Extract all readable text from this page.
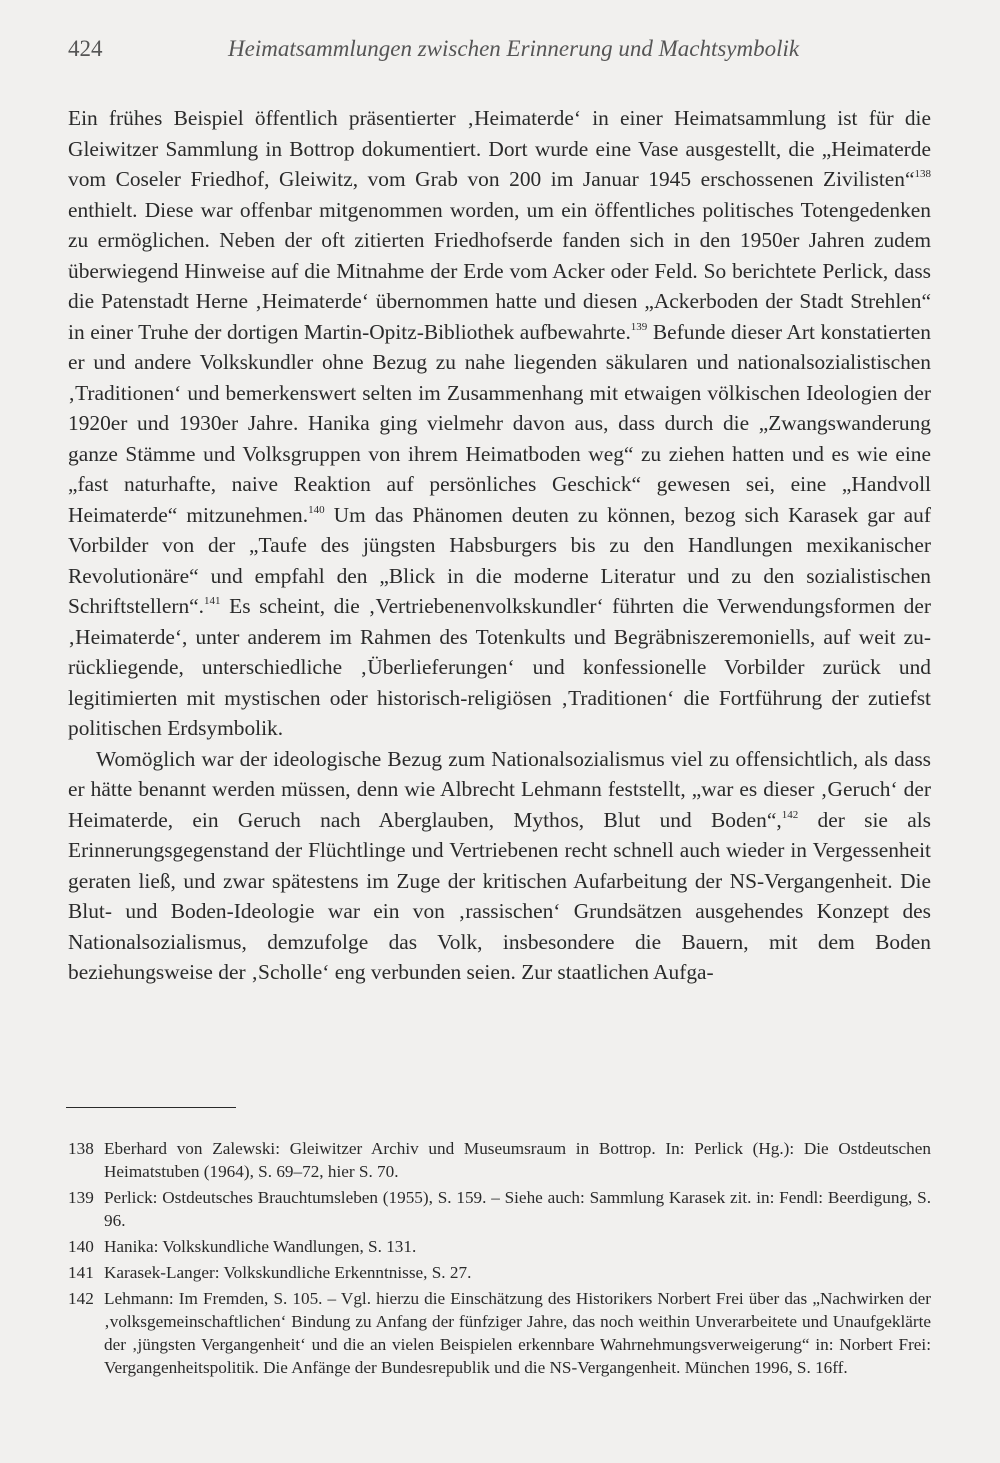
424	Heimatsammlungen zwischen Erinnerung und Machtsymbolik

Ein frühes Beispiel öffentlich präsentierter ‚Heimaterde‘ in einer Heimatsammlung ist für die Gleiwitzer Sammlung in Bottrop dokumentiert. Dort wurde eine Vase ausgestellt, die „Heimaterde vom Coseler Friedhof, Gleiwitz, vom Grab von 200 im Januar 1945 erschossenen Zivilisten“$^{138}$ enthielt. Diese war offenbar mitgenommen worden, um ein öffentliches politisches Totengedenken zu ermöglichen. Neben der oft zitierten Friedhofserde fanden sich in den 1950er Jahren zudem überwiegend Hinweise auf die Mitnahme der Erde vom Acker oder Feld. So berichtete Perlick, dass die Patenstadt Herne ‚Heimaterde‘ übernommen hatte und diesen „Ackerboden der Stadt Strehlen“ in einer Truhe der dortigen Martin-Opitz-Bibliothek aufbewahrte.$^{139}$ Befunde dieser Art konstatierten er und andere Volkskundler ohne Bezug zu nahe liegenden säkularen und nationalsozialistischen ‚Traditionen‘ und bemerkenswert selten im Zusammenhang mit etwaigen völkischen Ideologien der 1920er und 1930er Jahre. Hanika ging vielmehr davon aus, dass durch die „Zwangswanderung ganze Stämme und Volksgruppen von ihrem Heimatboden weg“ zu ziehen hatten und es wie eine „fast naturhafte, naive Reaktion auf persönliches Geschick“ gewesen sei, eine „Handvoll Heimaterde“ mitzunehmen.$^{140}$ Um das Phänomen deuten zu können, bezog sich Karasek gar auf Vorbilder von der „Taufe des jüngsten Habsburgers bis zu den Handlungen mexikanischer Revolutionäre“ und empfahl den „Blick in die moderne Literatur und zu den sozialistischen Schriftstellern“.$^{141}$ Es scheint, die ‚Vertriebenenvolkskundler‘ führten die Verwendungsformen der ‚Heimaterde‘, unter anderem im Rahmen des Totenkults und Begräbniszeremoniells, auf weit zurückliegende, unterschiedliche ‚Überlieferungen‘ und konfessionelle Vorbilder zurück und legitimierten mit mystischen oder historisch-religiösen ‚Traditionen‘ die Fortführung der zutiefst politischen Erdsymbolik.

Womöglich war der ideologische Bezug zum Nationalsozialismus viel zu offensichtlich, als dass er hätte benannt werden müssen, denn wie Albrecht Lehmann feststellt, „war es dieser ‚Geruch‘ der Heimaterde, ein Geruch nach Aberglauben, Mythos, Blut und Boden“,$^{142}$ der sie als Erinnerungsgegenstand der Flüchtlinge und Vertriebenen recht schnell auch wieder in Vergessenheit geraten ließ, und zwar spätestens im Zuge der kritischen Aufarbeitung der NS-Vergangenheit. Die Blut- und Boden-Ideologie war ein von ‚rassischen‘ Grundsätzen ausgehendes Konzept des Nationalsozialismus, demzufolge das Volk, insbesondere die Bauern, mit dem Boden beziehungsweise der ‚Scholle‘ eng verbunden seien. Zur staatlichen Aufga-

138 Eberhard von Zalewski: Gleiwitzer Archiv und Museumsraum in Bottrop. In: Perlick (Hg.): Die Ostdeutschen Heimatstuben (1964), S. 69–72, hier S. 70.
139 Perlick: Ostdeutsches Brauchtumsleben (1955), S. 159. – Siehe auch: Sammlung Karasek zit. in: Fendl: Beerdigung, S. 96.
140 Hanika: Volkskundliche Wandlungen, S. 131.
141 Karasek-Langer: Volkskundliche Erkenntnisse, S. 27.
142 Lehmann: Im Fremden, S. 105. – Vgl. hierzu die Einschätzung des Historikers Norbert Frei über das „Nachwirken der ‚volksgemeinschaftlichen‘ Bindung zu Anfang der fünfziger Jahre, das noch weithin Unverarbeitete und Unaufgeklärte der ‚jüngsten Vergangenheit‘ und die an vielen Beispielen erkennbare Wahrnehmungsverweigerung“ in: Norbert Frei: Vergangenheitspolitik. Die Anfänge der Bundesrepublik und die NS-Vergangenheit. München 1996, S. 16ff.
